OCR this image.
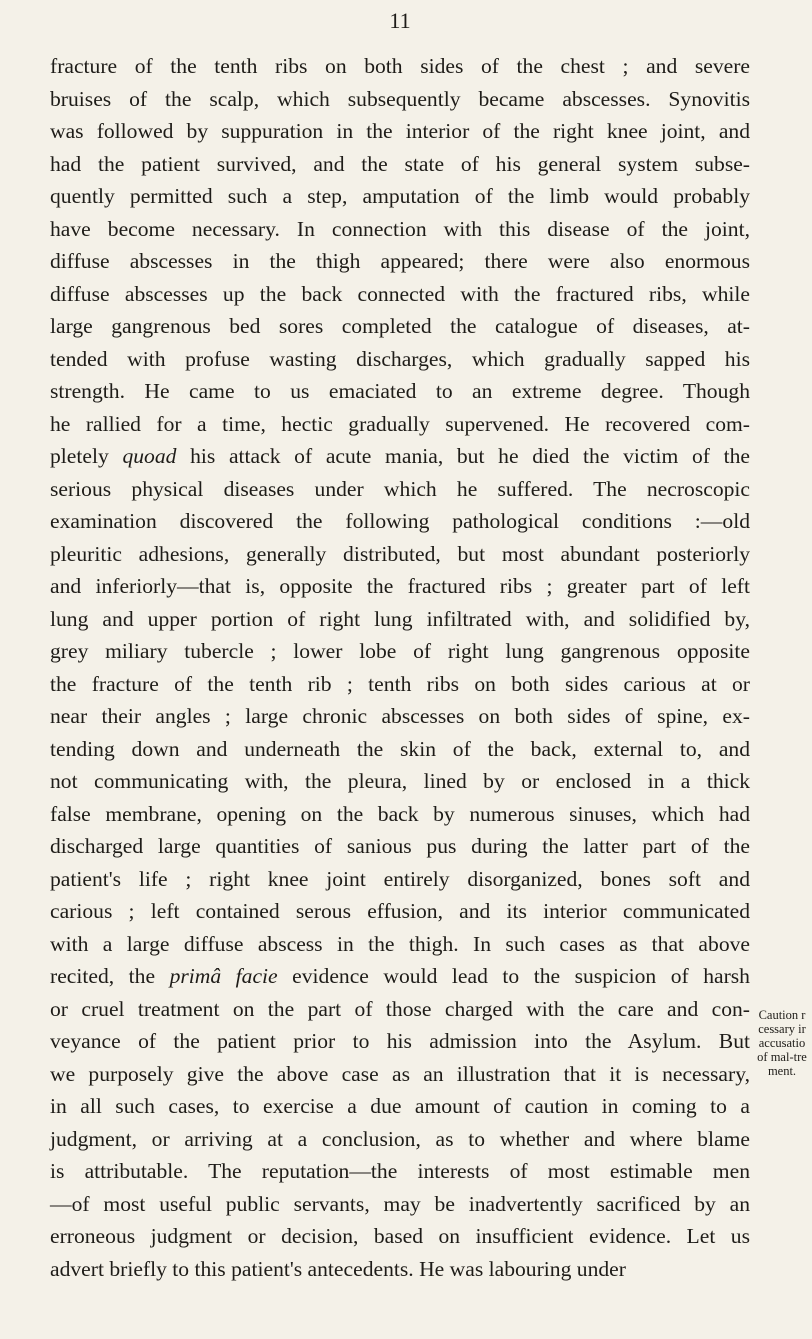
11
fracture of the tenth ribs on both sides of the chest ; and severe
bruises of the scalp, which subsequently became abscesses. Synovitis
was followed by suppuration in the interior of the right knee joint, and
had the patient survived, and the state of his general system subse-
quently permitted such a step, amputation of the limb would probably
have become necessary. In connection with this disease of the joint,
diffuse abscesses in the thigh appeared; there were also enormous
diffuse abscesses up the back connected with the fractured ribs, while
large gangrenous bed sores completed the catalogue of diseases, at-
tended with profuse wasting discharges, which gradually sapped his
strength. He came to us emaciated to an extreme degree. Though
he rallied for a time, hectic gradually supervened. He recovered com-
pletely quoad his attack of acute mania, but he died the victim of the
serious physical diseases under which he suffered. The necroscopic
examination discovered the following pathological conditions :—old
pleuritic adhesions, generally distributed, but most abundant posteriorly
and inferiorly—that is, opposite the fractured ribs ; greater part of left
lung and upper portion of right lung infiltrated with, and solidified by,
grey miliary tubercle ; lower lobe of right lung gangrenous opposite
the fracture of the tenth rib ; tenth ribs on both sides carious at or
near their angles ; large chronic abscesses on both sides of spine, ex-
tending down and underneath the skin of the back, external to, and
not communicating with, the pleura, lined by or enclosed in a thick
false membrane, opening on the back by numerous sinuses, which had
discharged large quantities of sanious pus during the latter part of the
patient's life ; right knee joint entirely disorganized, bones soft and
carious ; left contained serous effusion, and its interior communicated
with a large diffuse abscess in the thigh. In such cases as that above
recited, the primâ facie evidence would lead to the suspicion of harsh
or cruel treatment on the part of those charged with the care and con-
veyance of the patient prior to his admission into the Asylum. But
we purposely give the above case as an illustration that it is necessary,
in all such cases, to exercise a due amount of caution in coming to a
judgment, or arriving at a conclusion, as to whether and where blame
is attributable. The reputation—the interests of most estimable men
—of most useful public servants, may be inadvertently sacrificed by an
erroneous judgment or decision, based on insufficient evidence. Let us
advert briefly to this patient's antecedents. He was labouring under
Caution r
cessary ir
accusatio
of mal-tre
ment.
